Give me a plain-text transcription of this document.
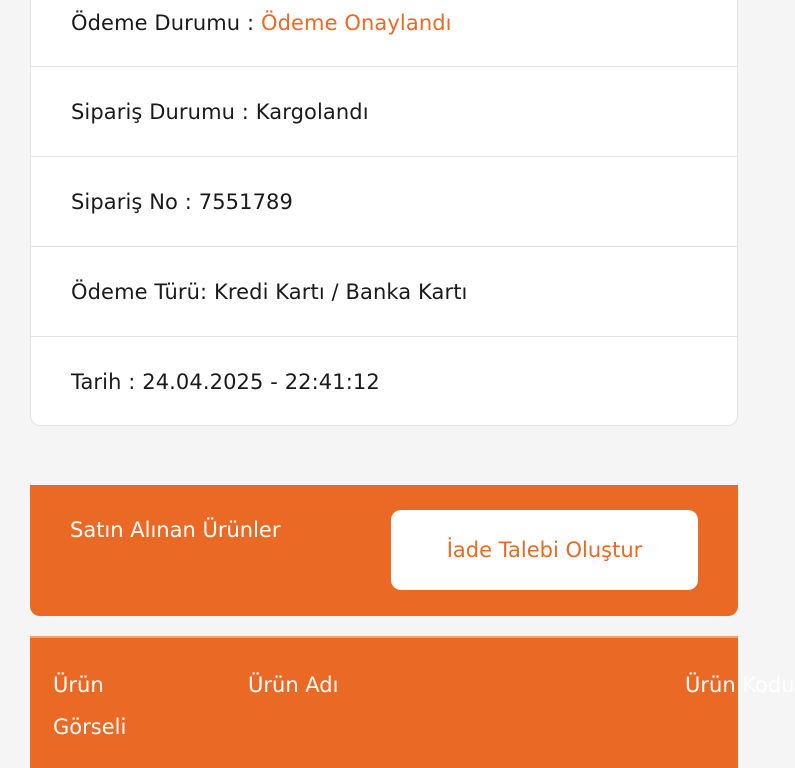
Ödeme Durumu : Ödeme Onaylandı
Sipariş Durumu : Kargolandı
Sipariş No : 7551789
Ödeme Türü: Kredi Kartı / Banka Kartı
Tarih : 24.04.2025 - 22:41:12
Satın Alınan Ürünler
İade Talebi Oluştur
Ürün Görseli
Ürün Adı	Ürün Kodu
